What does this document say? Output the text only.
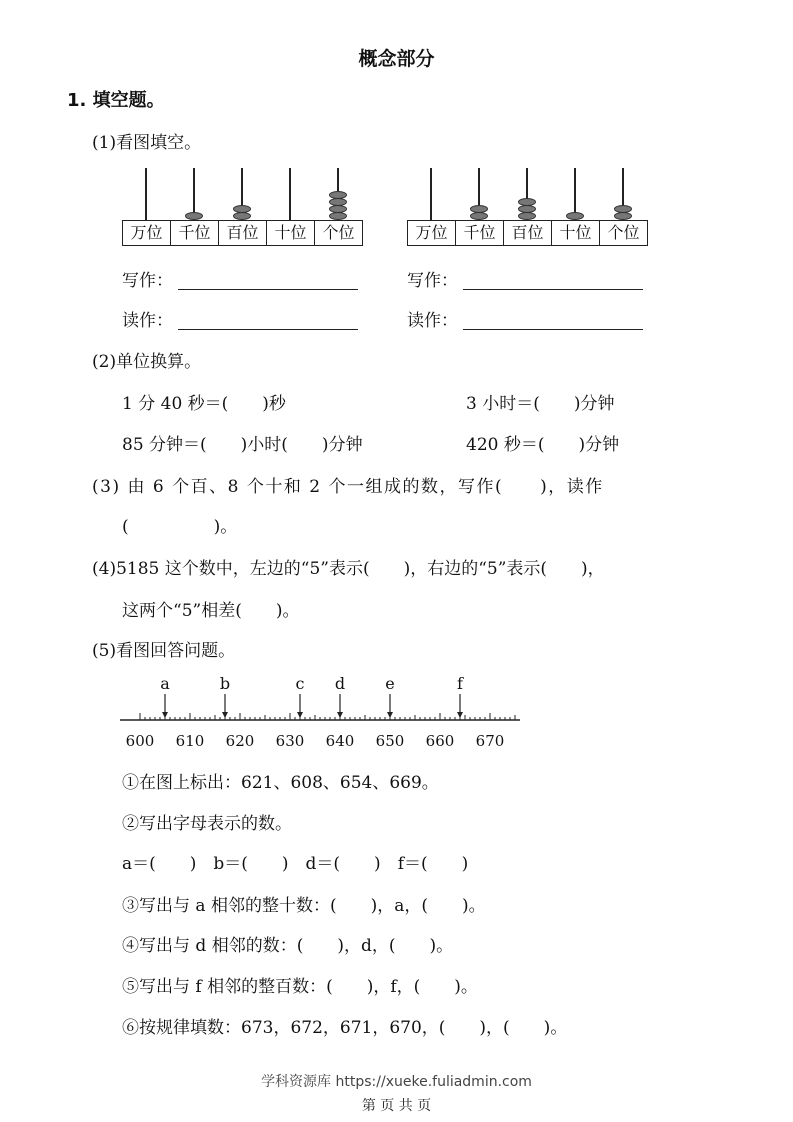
概念部分
1. 填空题。
(1)看图填空。
万位 千位 百位 十位 个位	万位 千位 百位 十位 个位
写作：
读作：
写作：
读作：
(2)单位换算。
1 分 40 秒＝(　　)秒	3 小时＝(　　)分钟
85 分钟＝(　　)小时(　　)分钟	420 秒＝(　　)分钟
(3) 由 6 个百、8 个十和 2 个一组成的数，写作(　　)，读作
(　　　　　)。
(4)5185 这个数中，左边的“5”表示(　　)，右边的“5”表示(　　)，
这两个“5”相差(　　)。
(5)看图回答问题。
600 610 620 630 640 650 660 670
a	b	c d	e	f
①在图上标出：621、608、654、669。
②写出字母表示的数。
a＝(　　)　b＝(　　)　d＝(　　)　f＝(　　)
③写出与 a 相邻的整十数：(　　)，a，(　　)。
④写出与 d 相邻的数：(　　)，d，(　　)。
⑤写出与 f 相邻的整百数：(　　)，f，(　　)。
⑥按规律填数：673，672，671，670，(　　)，(　　)。
学科资源库 https://xueke.fuliadmin.com
第 页 共 页
